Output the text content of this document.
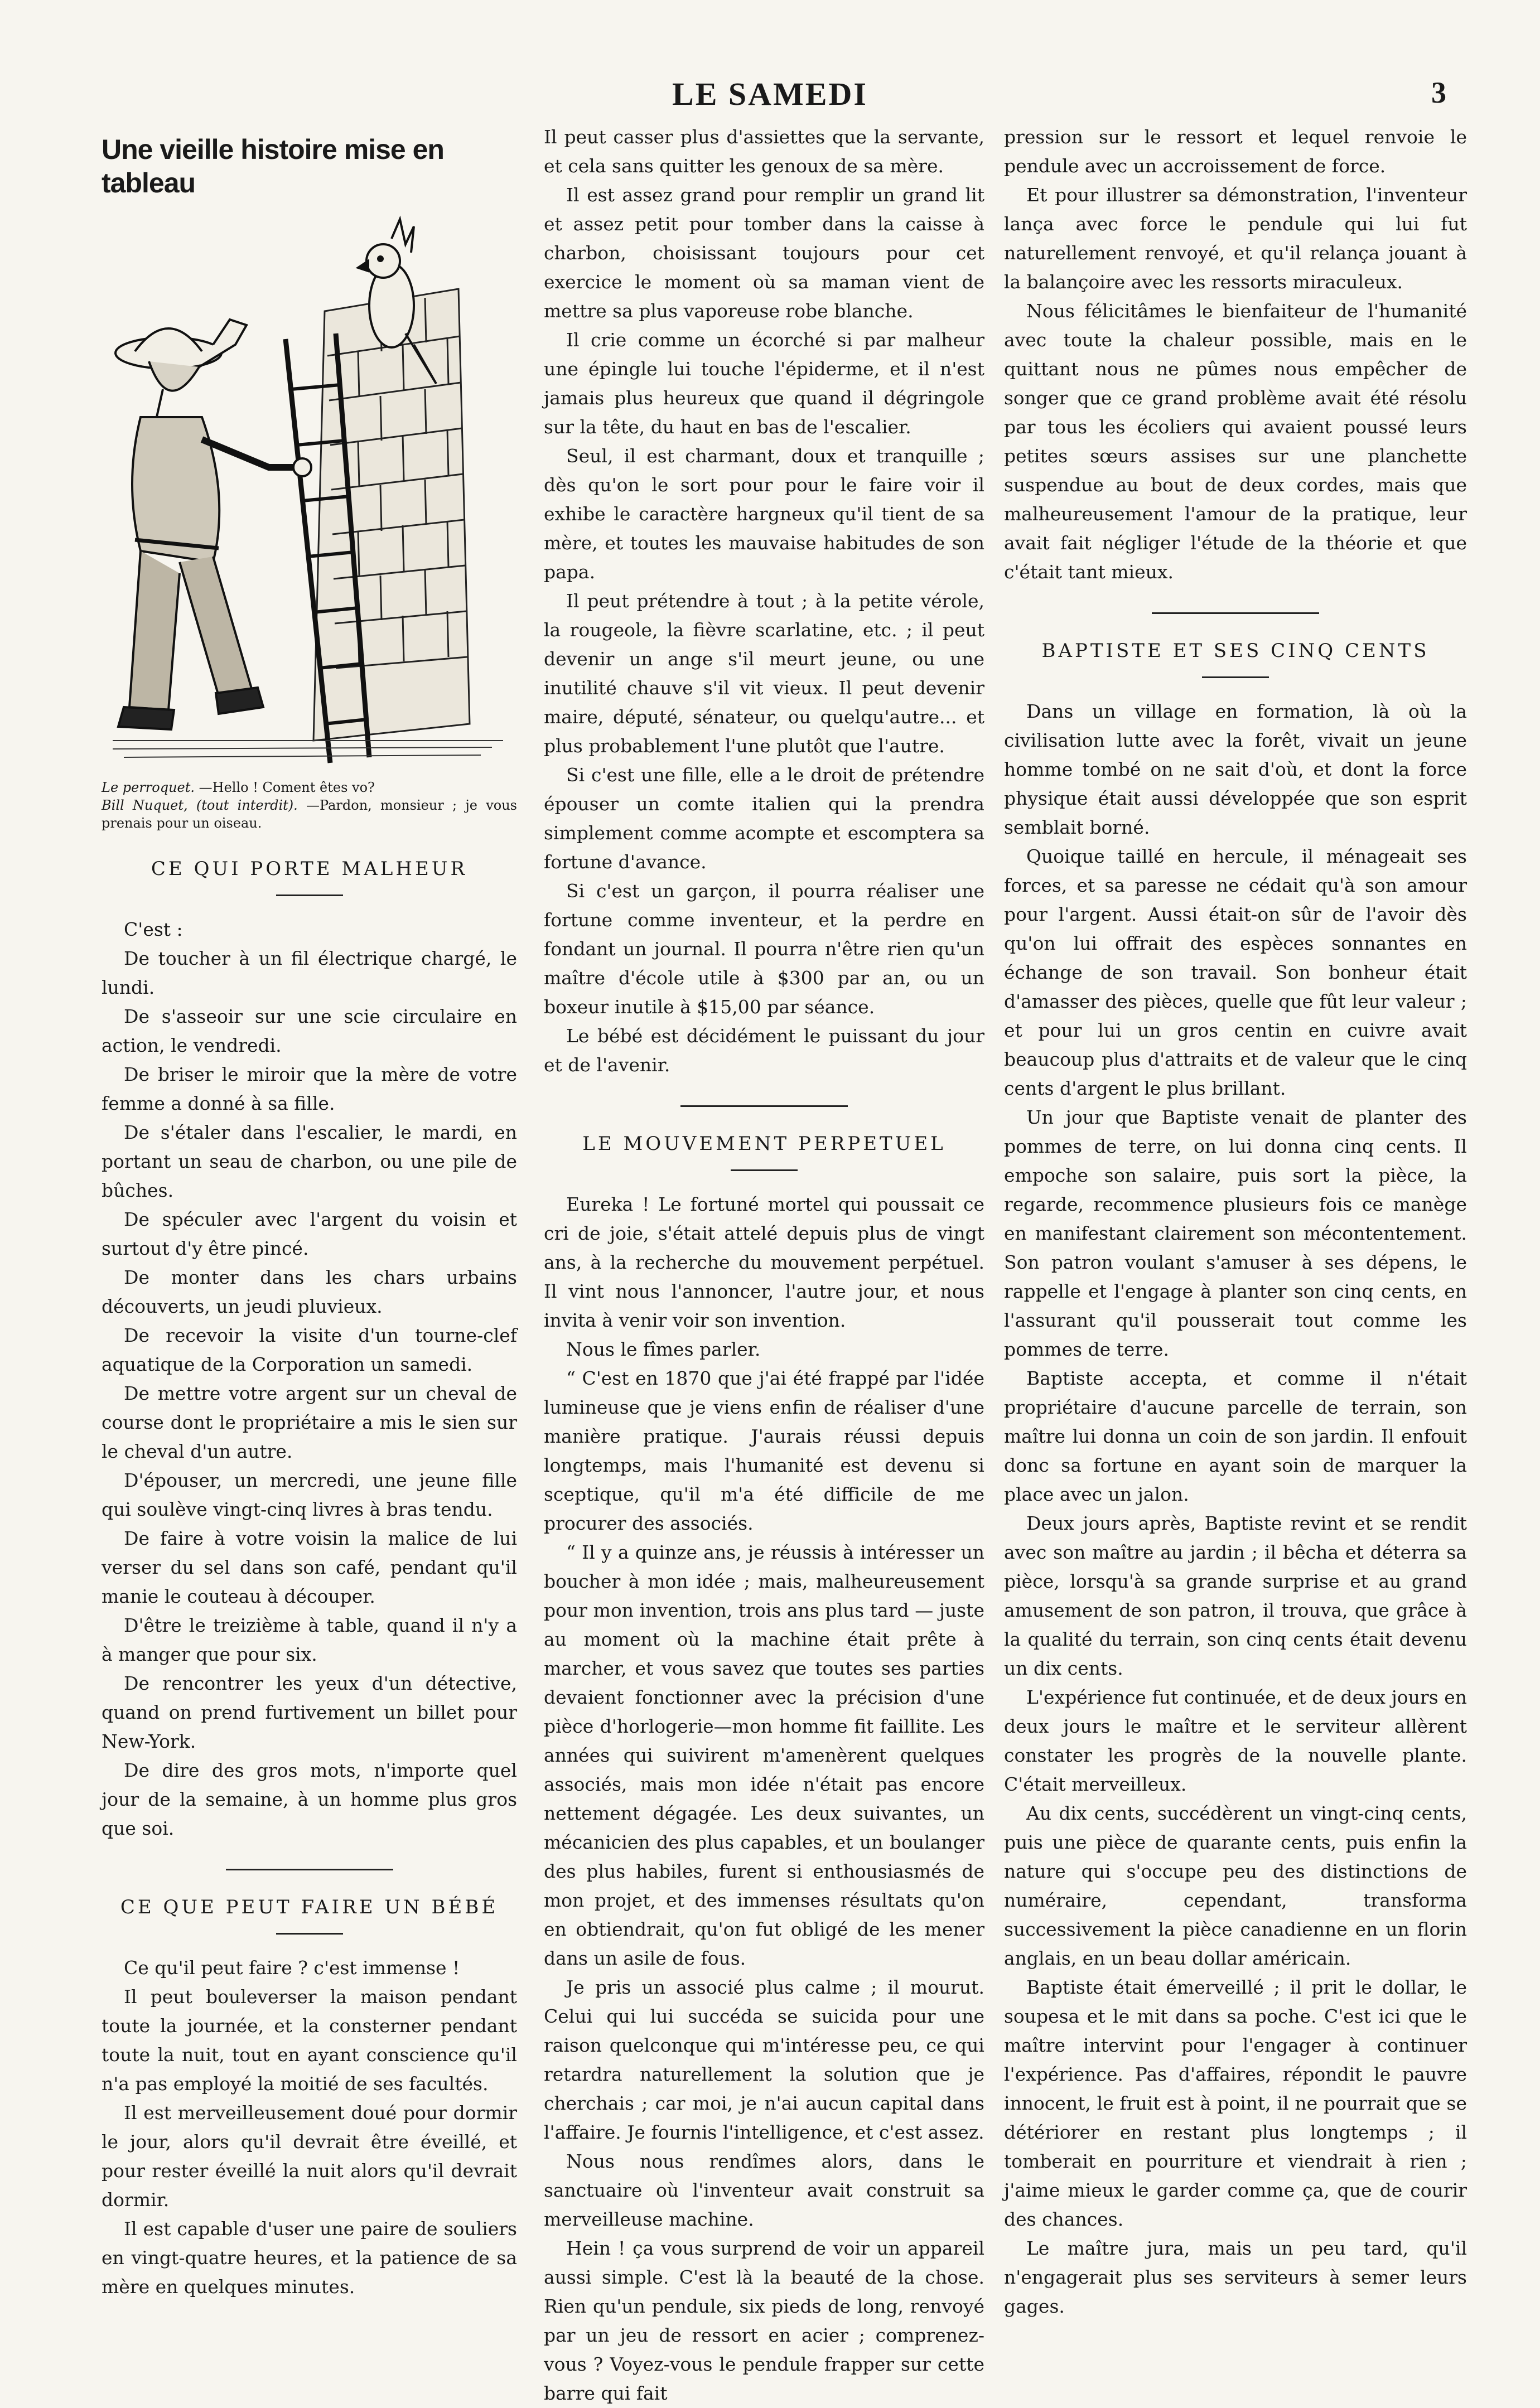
LE SAMEDI	3
Une vieille histoire mise en tableau
Le perroquet. —Hello ! Coment êtes vo?
Bill Nuquet, (tout interdit). —Pardon, monsieur ; je vous prenais pour un oiseau.
CE QUI PORTE MALHEUR

C'est :

De toucher à un fil électrique chargé, le lundi.

De s'asseoir sur une scie circulaire en action, le vendredi.

De briser le miroir que la mère de votre femme a donné à sa fille.

De s'étaler dans l'escalier, le mardi, en portant un seau de charbon, ou une pile de bûches.

De spéculer avec l'argent du voisin et surtout d'y être pincé.

De monter dans les chars urbains découverts, un jeudi pluvieux.

De recevoir la visite d'un tourne-clef aquatique de la Corporation un samedi.

De mettre votre argent sur un cheval de course dont le propriétaire a mis le sien sur le cheval d'un autre.

D'épouser, un mercredi, une jeune fille qui soulève vingt-cinq livres à bras tendu.

De faire à votre voisin la malice de lui verser du sel dans son café, pendant qu'il manie le couteau à découper.

D'être le treizième à table, quand il n'y a à manger que pour six.

De rencontrer les yeux d'un détective, quand on prend furtivement un billet pour New-York.

De dire des gros mots, n'importe quel jour de la semaine, à un homme plus gros que soi.

CE QUE PEUT FAIRE UN BÉBÉ

Ce qu'il peut faire ? c'est immense !

Il peut bouleverser la maison pendant toute la journée, et la consterner pendant toute la nuit, tout en ayant conscience qu'il n'a pas employé la moitié de ses facultés.

Il est merveilleusement doué pour dormir le jour, alors qu'il devrait être éveillé, et pour rester éveillé la nuit alors qu'il devrait dormir.

Il est capable d'user une paire de souliers en vingt-quatre heures, et la patience de sa mère en quelques minutes.

Il peut casser plus d'assiettes que la servante, et cela sans quitter les genoux de sa mère.

Il est assez grand pour remplir un grand lit et assez petit pour tomber dans la caisse à charbon, choisissant toujours pour cet exercice le moment où sa maman vient de mettre sa plus vaporeuse robe blanche.

Il crie comme un écorché si par malheur une épingle lui touche l'épiderme, et il n'est jamais plus heureux que quand il dégringole sur la tête, du haut en bas de l'escalier.

Seul, il est charmant, doux et tranquille ; dès qu'on le sort pour pour le faire voir il exhibe le caractère hargneux qu'il tient de sa mère, et toutes les mauvaise habitudes de son papa.

Il peut prétendre à tout ; à la petite vérole, la rougeole, la fièvre scarlatine, etc. ; il peut devenir un ange s'il meurt jeune, ou une inutilité chauve s'il vit vieux. Il peut devenir maire, député, sénateur, ou quelqu'autre... et plus probablement l'une plutôt que l'autre.

Si c'est une fille, elle a le droit de prétendre épouser un comte italien qui la prendra simplement comme acompte et escomptera sa fortune d'avance.

Si c'est un garçon, il pourra réaliser une fortune comme inventeur, et la perdre en fondant un journal. Il pourra n'être rien qu'un maître d'école utile à $300 par an, ou un boxeur inutile à $15,00 par séance.

Le bébé est décidément le puissant du jour et de l'avenir.

LE MOUVEMENT PERPETUEL

Eureka ! Le fortuné mortel qui poussait ce cri de joie, s'était attelé depuis plus de vingt ans, à la recherche du mouvement perpétuel. Il vint nous l'annoncer, l'autre jour, et nous invita à venir voir son invention.

Nous le fîmes parler.

“ C'est en 1870 que j'ai été frappé par l'idée lumineuse que je viens enfin de réaliser d'une manière pratique. J'aurais réussi depuis longtemps, mais l'humanité est devenu si sceptique, qu'il m'a été difficile de me procurer des associés.

“ Il y a quinze ans, je réussis à intéresser un boucher à mon idée ; mais, malheureusement pour mon invention, trois ans plus tard — juste au moment où la machine était prête à marcher, et vous savez que toutes ses parties devaient fonctionner avec la précision d'une pièce d'horlogerie—mon homme fit faillite. Les années qui suivirent m'amenèrent quelques associés, mais mon idée n'était pas encore nettement dégagée. Les deux suivantes, un mécanicien des plus capables, et un boulanger des plus habiles, furent si enthousiasmés de mon projet, et des immenses résultats qu'on en obtiendrait, qu'on fut obligé de les mener dans un asile de fous.

Je pris un associé plus calme ; il mourut. Celui qui lui succéda se suicida pour une raison quelconque qui m'intéresse peu, ce qui retardra naturellement la solution que je cherchais ; car moi, je n'ai aucun capital dans l'affaire. Je fournis l'intelligence, et c'est assez.

Nous nous rendîmes alors, dans le sanctuaire où l'inventeur avait construit sa merveilleuse machine.

Hein ! ça vous surprend de voir un appareil aussi simple. C'est là la beauté de la chose. Rien qu'un pendule, six pieds de long, renvoyé par un jeu de ressort en acier ; comprenez-vous ? Voyez-vous le pendule frapper sur cette barre qui fait

pression sur le ressort et lequel renvoie le pendule avec un accroissement de force.

Et pour illustrer sa démonstration, l'inventeur lança avec force le pendule qui lui fut naturellement renvoyé, et qu'il relança jouant à la balançoire avec les ressorts miraculeux.

Nous félicitâmes le bienfaiteur de l'humanité avec toute la chaleur possible, mais en le quittant nous ne pûmes nous empêcher de songer que ce grand problème avait été résolu par tous les écoliers qui avaient poussé leurs petites sœurs assises sur une planchette suspendue au bout de deux cordes, mais que malheureusement l'amour de la pratique, leur avait fait négliger l'étude de la théorie et que c'était tant mieux.

BAPTISTE ET SES CINQ CENTS

Dans un village en formation, là où la civilisation lutte avec la forêt, vivait un jeune homme tombé on ne sait d'où, et dont la force physique était aussi développée que son esprit semblait borné.

Quoique taillé en hercule, il ménageait ses forces, et sa paresse ne cédait qu'à son amour pour l'argent. Aussi était-on sûr de l'avoir dès qu'on lui offrait des espèces sonnantes en échange de son travail. Son bonheur était d'amasser des pièces, quelle que fût leur valeur ; et pour lui un gros centin en cuivre avait beaucoup plus d'attraits et de valeur que le cinq cents d'argent le plus brillant.

Un jour que Baptiste venait de planter des pommes de terre, on lui donna cinq cents. Il empoche son salaire, puis sort la pièce, la regarde, recommence plusieurs fois ce manège en manifestant clairement son mécontentement. Son patron voulant s'amuser à ses dépens, le rappelle et l'engage à planter son cinq cents, en l'assurant qu'il pousserait tout comme les pommes de terre.

Baptiste accepta, et comme il n'était propriétaire d'aucune parcelle de terrain, son maître lui donna un coin de son jardin. Il enfouit donc sa fortune en ayant soin de marquer la place avec un jalon.

Deux jours après, Baptiste revint et se rendit avec son maître au jardin ; il bêcha et déterra sa pièce, lorsqu'à sa grande surprise et au grand amusement de son patron, il trouva, que grâce à la qualité du terrain, son cinq cents était devenu un dix cents.

L'expérience fut continuée, et de deux jours en deux jours le maître et le serviteur allèrent constater les progrès de la nouvelle plante. C'était merveilleux.

Au dix cents, succédèrent un vingt-cinq cents, puis une pièce de quarante cents, puis enfin la nature qui s'occupe peu des distinctions de numéraire, cependant, transforma successivement la pièce canadienne en un florin anglais, en un beau dollar américain.

Baptiste était émerveillé ; il prit le dollar, le soupesa et le mit dans sa poche. C'est ici que le maître intervint pour l'engager à continuer l'expérience. Pas d'affaires, répondit le pauvre innocent, le fruit est à point, il ne pourrait que se détériorer en restant plus longtemps ; il tomberait en pourriture et viendrait à rien ; j'aime mieux le garder comme ça, que de courir des chances.

Le maître jura, mais un peu tard, qu'il n'engagerait plus ses serviteurs à semer leurs gages.
